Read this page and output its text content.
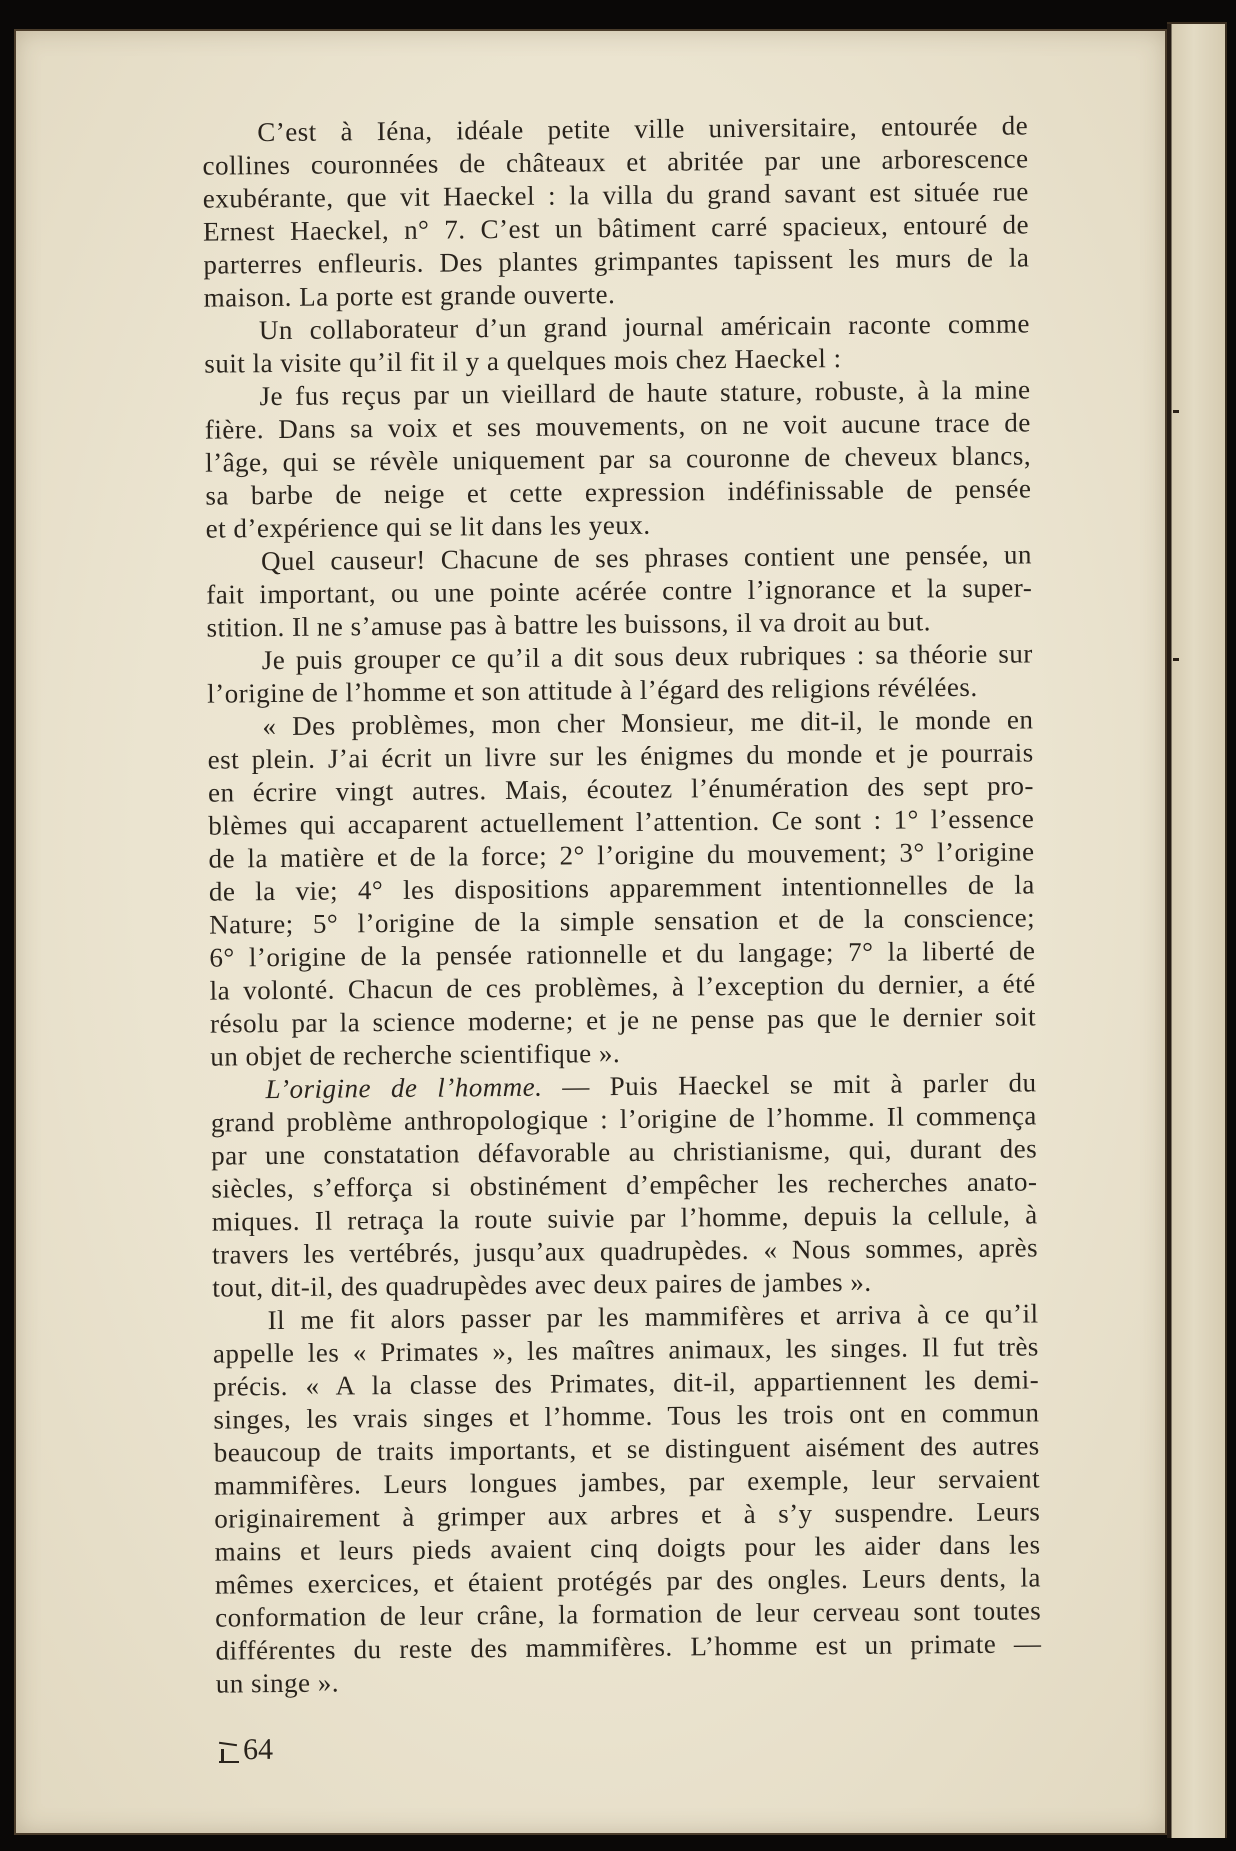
C’est à Iéna, idéale petite ville universitaire, entourée de
collines couronnées de châteaux et abritée par une arborescence
exubérante, que vit Haeckel : la villa du grand savant est située rue
Ernest Haeckel, n° 7. C’est un bâtiment carré spacieux, entouré de
parterres enfleuris. Des plantes grimpantes tapissent les murs de la
maison. La porte est grande ouverte.
Un collaborateur d’un grand journal américain raconte comme
suit la visite qu’il fit il y a quelques mois chez Haeckel :
Je fus reçus par un vieillard de haute stature, robuste, à la mine
fière. Dans sa voix et ses mouvements, on ne voit aucune trace de
l’âge, qui se révèle uniquement par sa couronne de cheveux blancs,
sa barbe de neige et cette expression indéfinissable de pensée
et d’expérience qui se lit dans les yeux.
Quel causeur! Chacune de ses phrases contient une pensée, un
fait important, ou une pointe acérée contre l’ignorance et la super-
stition. Il ne s’amuse pas à battre les buissons, il va droit au but.
Je puis grouper ce qu’il a dit sous deux rubriques : sa théorie sur
l’origine de l’homme et son attitude à l’égard des religions révélées.
« Des problèmes, mon cher Monsieur, me dit-il, le monde en
est plein. J’ai écrit un livre sur les énigmes du monde et je pourrais
en écrire vingt autres. Mais, écoutez l’énumération des sept pro-
blèmes qui accaparent actuellement l’attention. Ce sont : 1° l’essence
de la matière et de la force; 2° l’origine du mouvement; 3° l’origine
de la vie; 4° les dispositions apparemment intentionnelles de la
Nature; 5° l’origine de la simple sensation et de la conscience;
6° l’origine de la pensée rationnelle et du langage; 7° la liberté de
la volonté. Chacun de ces problèmes, à l’exception du dernier, a été
résolu par la science moderne; et je ne pense pas que le dernier soit
un objet de recherche scientifique ».
L’origine de l’homme. — Puis Haeckel se mit à parler du
grand problème anthropologique : l’origine de l’homme. Il commença
par une constatation défavorable au christianisme, qui, durant des
siècles, s’efforça si obstinément d’empêcher les recherches anato-
miques. Il retraça la route suivie par l’homme, depuis la cellule, à
travers les vertébrés, jusqu’aux quadrupèdes. « Nous sommes, après
tout, dit-il, des quadrupèdes avec deux paires de jambes ».
Il me fit alors passer par les mammifères et arriva à ce qu’il
appelle les « Primates », les maîtres animaux, les singes. Il fut très
précis. « A la classe des Primates, dit-il, appartiennent les demi-
singes, les vrais singes et l’homme. Tous les trois ont en commun
beaucoup de traits importants, et se distinguent aisément des autres
mammifères. Leurs longues jambes, par exemple, leur servaient
originairement à grimper aux arbres et à s’y suspendre. Leurs
mains et leurs pieds avaient cinq doigts pour les aider dans les
mêmes exercices, et étaient protégés par des ongles. Leurs dents, la
conformation de leur crâne, la formation de leur cerveau sont toutes
différentes du reste des mammifères. L’homme est un primate —
un singe ».
64
